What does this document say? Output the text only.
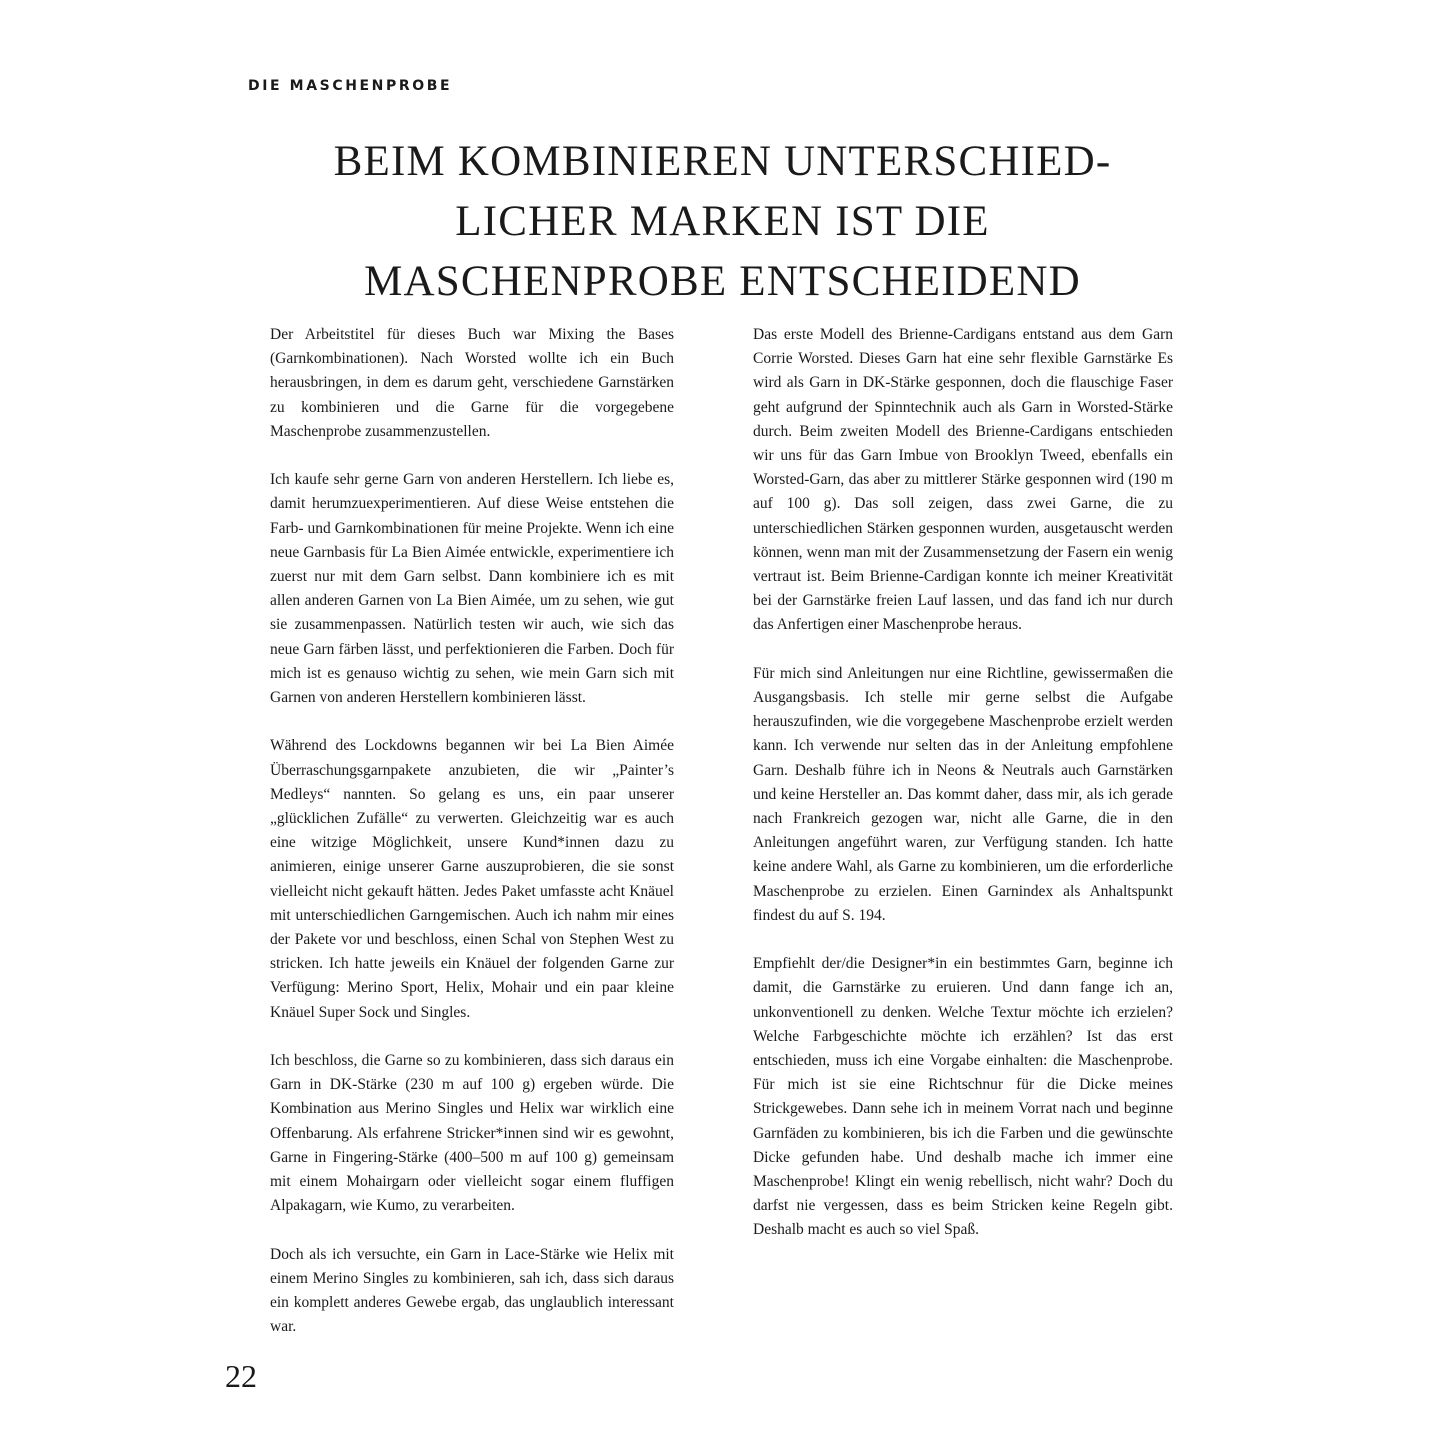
DIE MASCHENPROBE
BEIM KOMBINIEREN UNTERSCHIED-
LICHER MARKEN IST DIE
MASCHENPROBE ENTSCHEIDEND

Der Arbeitstitel für dieses Buch war Mixing the Bases (Garnkombinationen). Nach Worsted wollte ich ein Buch herausbringen, in dem es darum geht, verschiedene Garnstärken zu kombinieren und die Garne für die vorgegebene Maschenprobe zusammenzustellen.

Ich kaufe sehr gerne Garn von anderen Herstellern. Ich liebe es, damit herumzuexperimentieren. Auf diese Weise entstehen die Farb- und Garnkombinationen für meine Projekte. Wenn ich eine neue Garnbasis für La Bien Aimée entwickle, experimentiere ich zuerst nur mit dem Garn selbst. Dann kombiniere ich es mit allen anderen Garnen von La Bien Aimée, um zu sehen, wie gut sie zusammenpassen. Natürlich testen wir auch, wie sich das neue Garn färben lässt, und perfektionieren die Farben. Doch für mich ist es genauso wichtig zu sehen, wie mein Garn sich mit Garnen von anderen Herstellern kombinieren lässt.

Während des Lockdowns begannen wir bei La Bien Aimée Überraschungsgarnpakete anzubieten, die wir „Painter’s Medleys“ nannten. So gelang es uns, ein paar unserer „glücklichen Zufälle“ zu verwerten. Gleichzeitig war es auch eine witzige Möglichkeit, unsere Kund*innen dazu zu animieren, einige unserer Garne auszuprobieren, die sie sonst vielleicht nicht gekauft hätten. Jedes Paket umfasste acht Knäuel mit unterschiedlichen Garngemischen. Auch ich nahm mir eines der Pakete vor und beschloss, einen Schal von Stephen West zu stricken. Ich hatte jeweils ein Knäuel der folgenden Garne zur Verfügung: Merino Sport, Helix, Mohair und ein paar kleine Knäuel Super Sock und Singles.

Ich beschloss, die Garne so zu kombinieren, dass sich daraus ein Garn in DK-Stärke (230 m auf 100 g) ergeben würde. Die Kombination aus Merino Singles und Helix war wirklich eine Offenbarung. Als erfahrene Stricker*innen sind wir es gewohnt, Garne in Fingering-Stärke (400–500 m auf 100 g) gemeinsam mit einem Mohairgarn oder vielleicht sogar einem fluffigen Alpakagarn, wie Kumo, zu verarbeiten.

Doch als ich versuchte, ein Garn in Lace-Stärke wie Helix mit einem Merino Singles zu kombinieren, sah ich, dass sich daraus ein komplett anderes Gewebe ergab, das unglaublich interessant war.

Das erste Modell des Brienne-Cardigans entstand aus dem Garn Corrie Worsted. Dieses Garn hat eine sehr flexible Garnstärke Es wird als Garn in DK-Stärke gesponnen, doch die flauschige Faser geht aufgrund der Spinntechnik auch als Garn in Worsted-Stärke durch. Beim zweiten Modell des Brienne-Cardigans entschieden wir uns für das Garn Imbue von Brooklyn Tweed, ebenfalls ein Worsted-Garn, das aber zu mittlerer Stärke gesponnen wird (190 m auf 100 g). Das soll zeigen, dass zwei Garne, die zu unterschiedlichen Stärken gesponnen wurden, ausgetauscht werden können, wenn man mit der Zusammensetzung der Fasern ein wenig vertraut ist. Beim Brienne-Cardigan konnte ich meiner Kreativität bei der Garnstärke freien Lauf lassen, und das fand ich nur durch das Anfertigen einer Maschenprobe heraus.

Für mich sind Anleitungen nur eine Richtline, gewissermaßen die Ausgangsbasis. Ich stelle mir gerne selbst die Aufgabe herauszufinden, wie die vorgegebene Maschenprobe erzielt werden kann. Ich verwende nur selten das in der Anleitung empfohlene Garn. Deshalb führe ich in Neons & Neutrals auch Garnstärken und keine Hersteller an. Das kommt daher, dass mir, als ich gerade nach Frankreich gezogen war, nicht alle Garne, die in den Anleitungen angeführt waren, zur Verfügung standen. Ich hatte keine andere Wahl, als Garne zu kombinieren, um die erforderliche Maschenprobe zu erzielen. Einen Garnindex als Anhaltspunkt findest du auf S. 194.

Empfiehlt der/die Designer*in ein bestimmtes Garn, beginne ich damit, die Garnstärke zu eruieren. Und dann fange ich an, unkonventionell zu denken. Welche Textur möchte ich erzielen? Welche Farbgeschichte möchte ich erzählen? Ist das erst entschieden, muss ich eine Vorgabe einhalten: die Maschenprobe. Für mich ist sie eine Richtschnur für die Dicke meines Strickgewebes. Dann sehe ich in meinem Vorrat nach und beginne Garnfäden zu kombinieren, bis ich die Farben und die gewünschte Dicke gefunden habe. Und deshalb mache ich immer eine Maschenprobe! Klingt ein wenig rebellisch, nicht wahr? Doch du darfst nie vergessen, dass es beim Stricken keine Regeln gibt. Deshalb macht es auch so viel Spaß.

22
